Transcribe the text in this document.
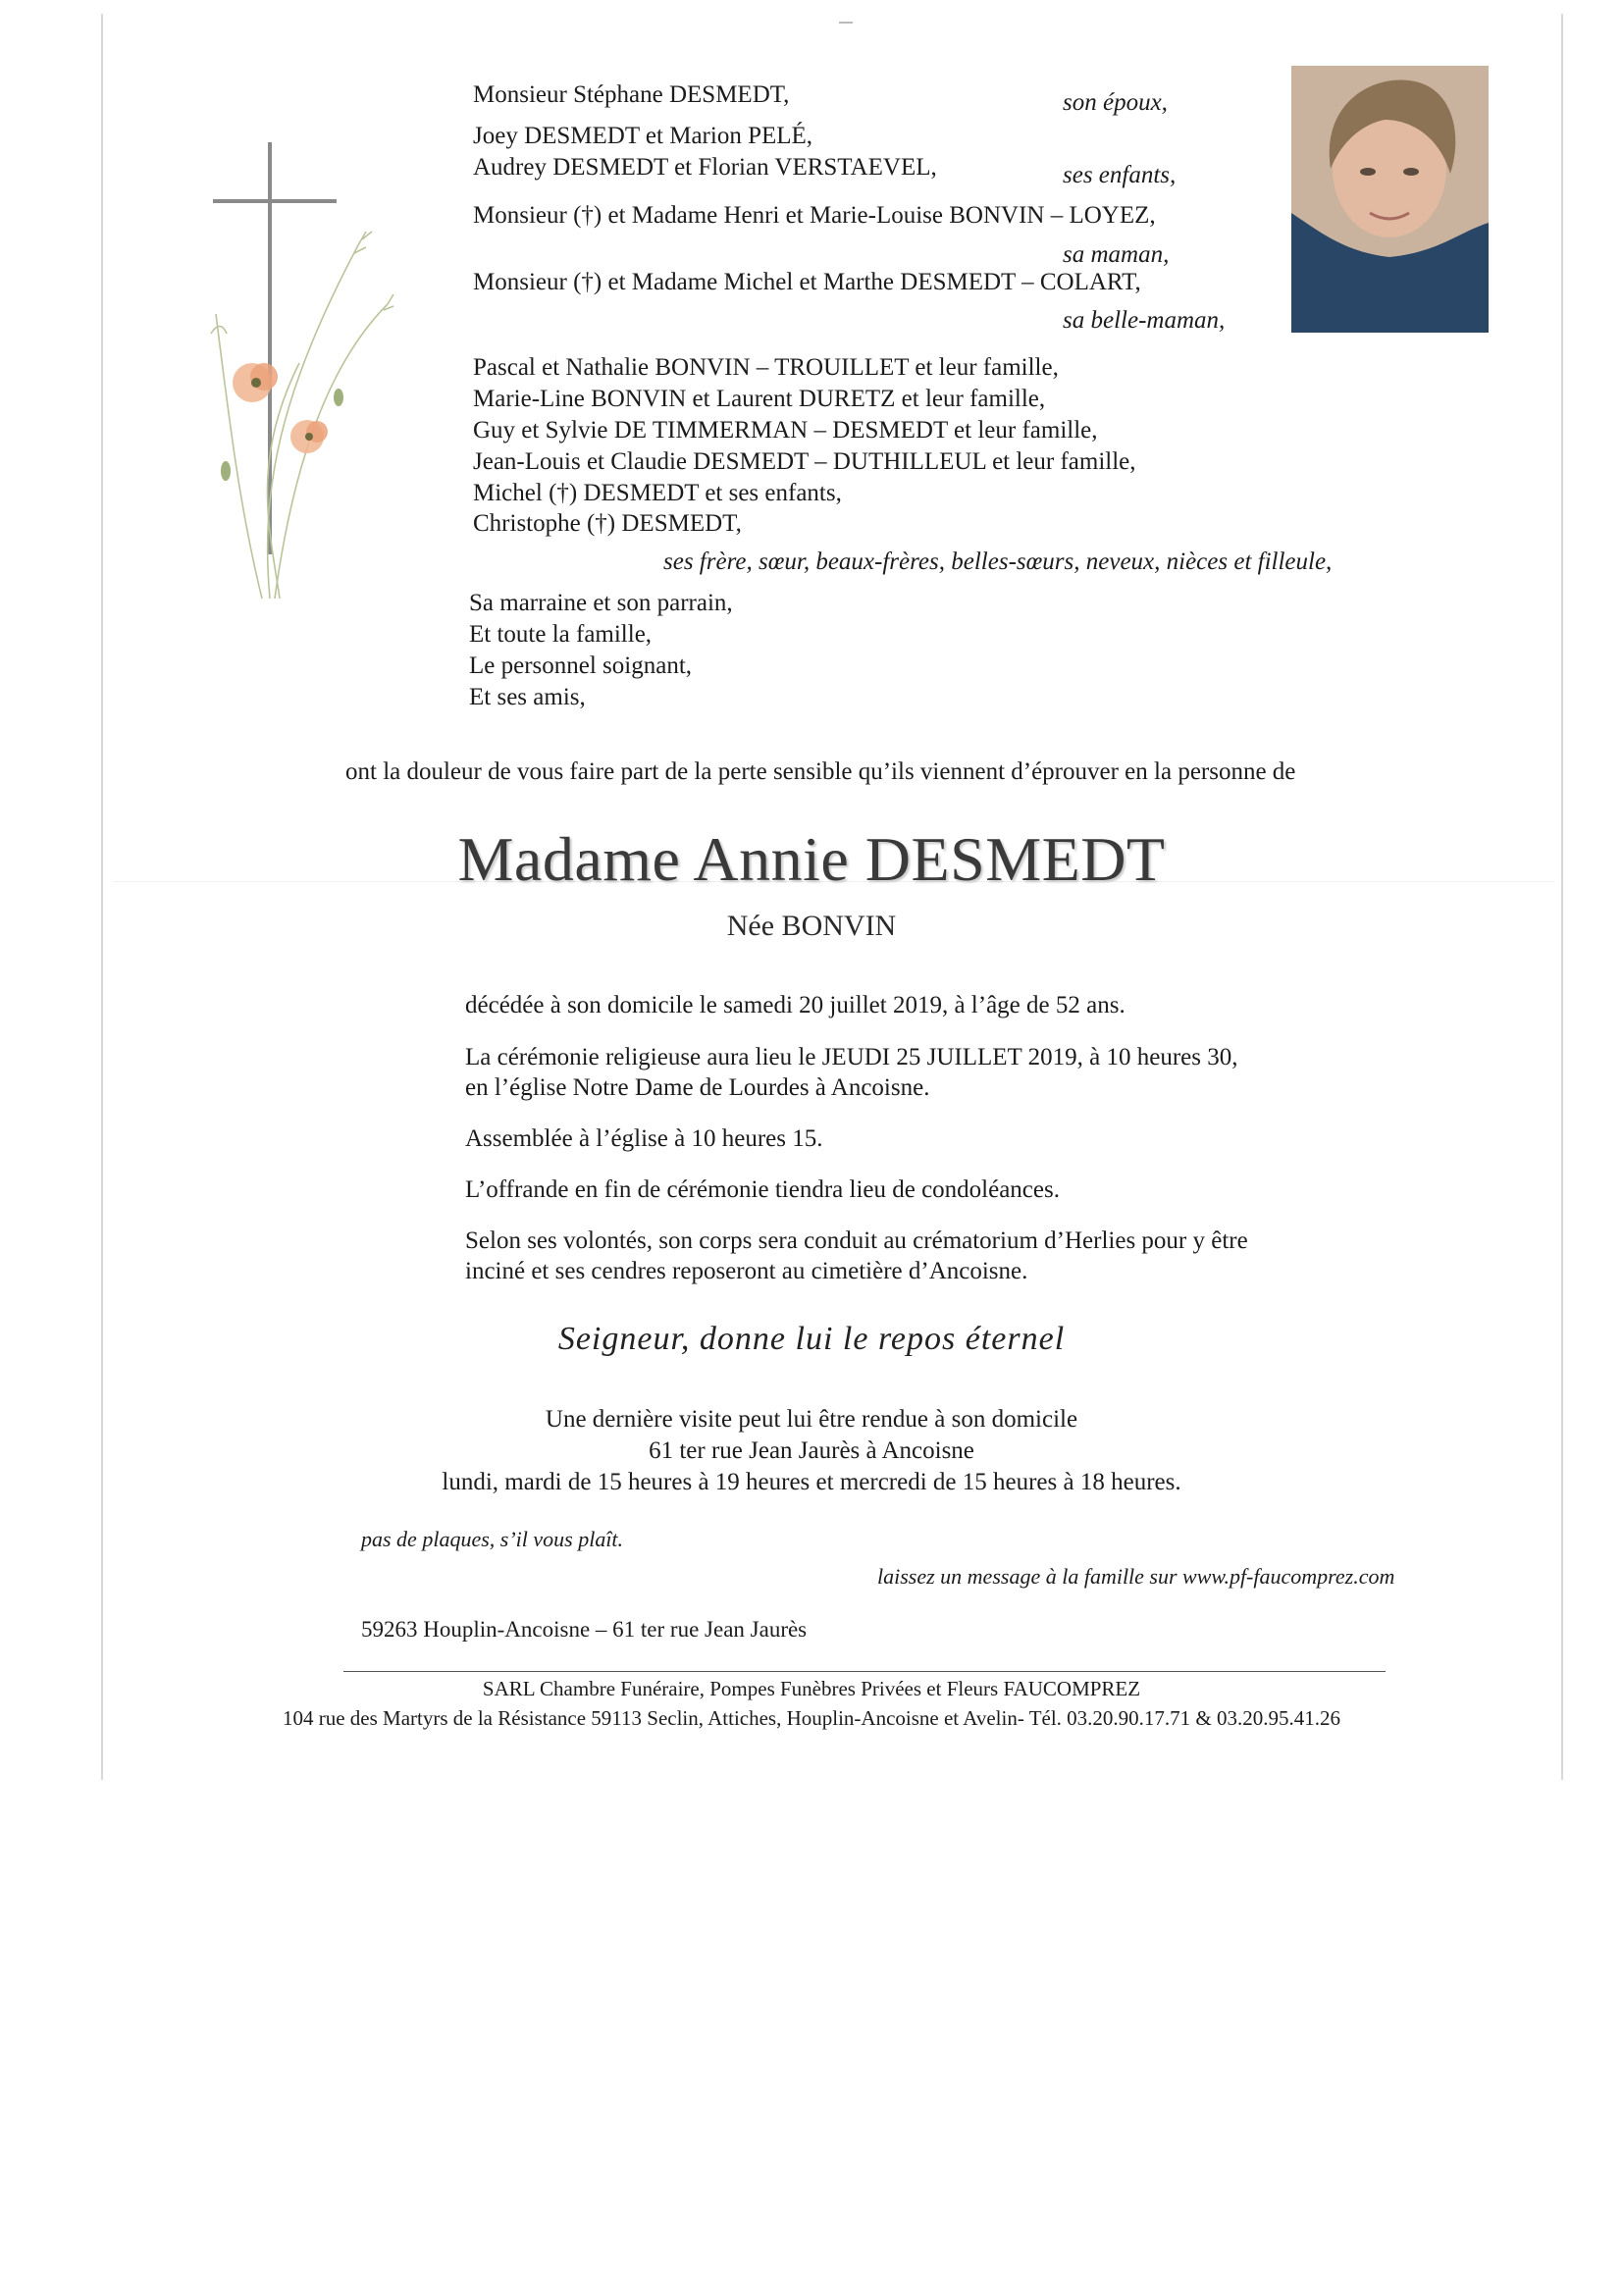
Monsieur Stéphane DESMEDT,	son époux,
Joey DESMEDT et Marion PELÉ,
Audrey DESMEDT et Florian VERSTAEVEL,	ses enfants,
Monsieur (†) et Madame Henri et Marie-Louise BONVIN – LOYEZ,
sa maman,
Monsieur (†) et Madame Michel et Marthe DESMEDT – COLART,
sa belle-maman,
Pascal et Nathalie BONVIN – TROUILLET et leur famille,
Marie-Line BONVIN et Laurent DURETZ et leur famille,
Guy et Sylvie DE TIMMERMAN – DESMEDT et leur famille,
Jean-Louis et Claudie DESMEDT – DUTHILLEUL et leur famille,
Michel (†) DESMEDT et ses enfants,
Christophe (†) DESMEDT,
ses frère, sœur, beaux-frères, belles-sœurs, neveux, nièces et filleule,
Sa marraine et son parrain,
Et toute la famille,
Le personnel soignant,
Et ses amis,
ont la douleur de vous faire part de la perte sensible qu’ils viennent d’éprouver en la personne de
Madame Annie DESMEDT
Née BONVIN
décédée à son domicile le samedi 20 juillet 2019, à l’âge de 52 ans.
La cérémonie religieuse aura lieu le JEUDI 25 JUILLET 2019, à 10 heures 30,
en l’église Notre Dame de Lourdes à Ancoisne.
Assemblée à l’église à 10 heures 15.
L’offrande en fin de cérémonie tiendra lieu de condoléances.
Selon ses volontés, son corps sera conduit au crématorium d’Herlies pour y être
inciné et ses cendres reposeront au cimetière d’Ancoisne.
Seigneur, donne lui le repos éternel
Une dernière visite peut lui être rendue à son domicile
61 ter rue Jean Jaurès à Ancoisne
lundi, mardi de 15 heures à 19 heures et mercredi de 15 heures à 18 heures.
pas de plaques, s’il vous plaît.
laissez un message à la famille sur www.pf-faucomprez.com
59263 Houplin-Ancoisne – 61 ter rue Jean Jaurès
SARL Chambre Funéraire, Pompes Funèbres Privées et Fleurs FAUCOMPREZ
104 rue des Martyrs de la Résistance 59113 Seclin, Attiches, Houplin-Ancoisne et Avelin- Tél. 03.20.90.17.71 & 03.20.95.41.26
